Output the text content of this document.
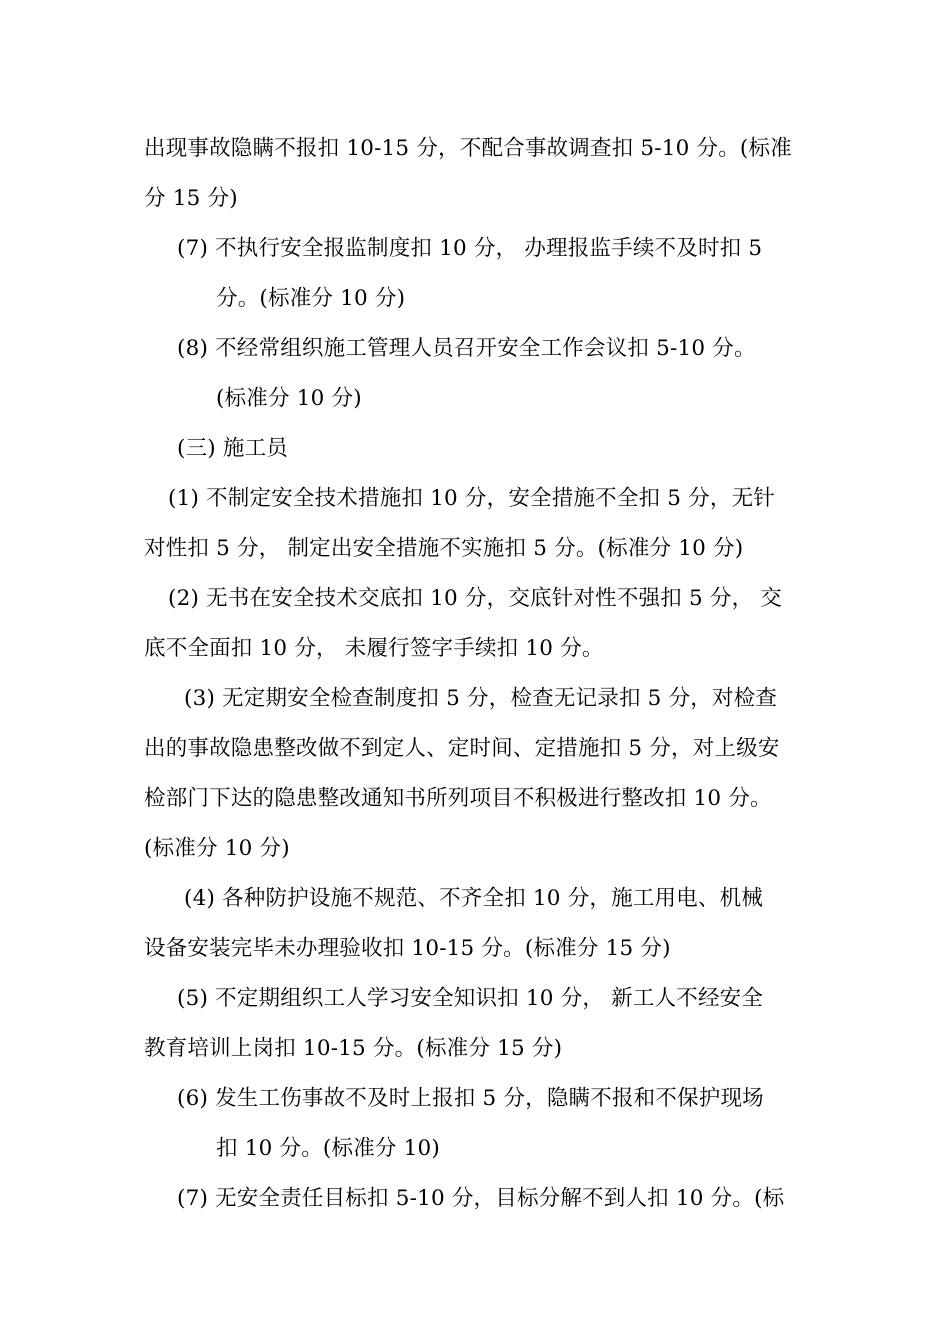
出现事故隐瞒不报扣 10-15 分，不配合事故调查扣 5-10 分。(标准
分 15 分)
(7) 不执行安全报监制度扣 10 分， 办理报监手续不及时扣 5
分。(标准分 10 分)
(8) 不经常组织施工管理人员召开安全工作会议扣 5-10 分。
(标准分 10 分)
(三) 施工员
(1) 不制定安全技术措施扣 10 分，安全措施不全扣 5 分，无针
对性扣 5 分， 制定出安全措施不实施扣 5 分。(标准分 10 分)
(2) 无书在安全技术交底扣 10 分，交底针对性不强扣 5 分， 交
底不全面扣 10 分， 未履行签字手续扣 10 分。
(3) 无定期安全检查制度扣 5 分，检查无记录扣 5 分，对检查
出的事故隐患整改做不到定人、定时间、定措施扣 5 分，对上级安
检部门下达的隐患整改通知书所列项目不积极进行整改扣 10 分。
(标准分 10 分)
(4) 各种防护设施不规范、不齐全扣 10 分，施工用电、机械
设备安装完毕未办理验收扣 10-15 分。(标准分 15 分)
(5) 不定期组织工人学习安全知识扣 10 分， 新工人不经安全
教育培训上岗扣 10-15 分。(标准分 15 分)
(6) 发生工伤事故不及时上报扣 5 分，隐瞒不报和不保护现场
扣 10 分。(标准分 10)
(7) 无安全责任目标扣 5-10 分，目标分解不到人扣 10 分。(标
